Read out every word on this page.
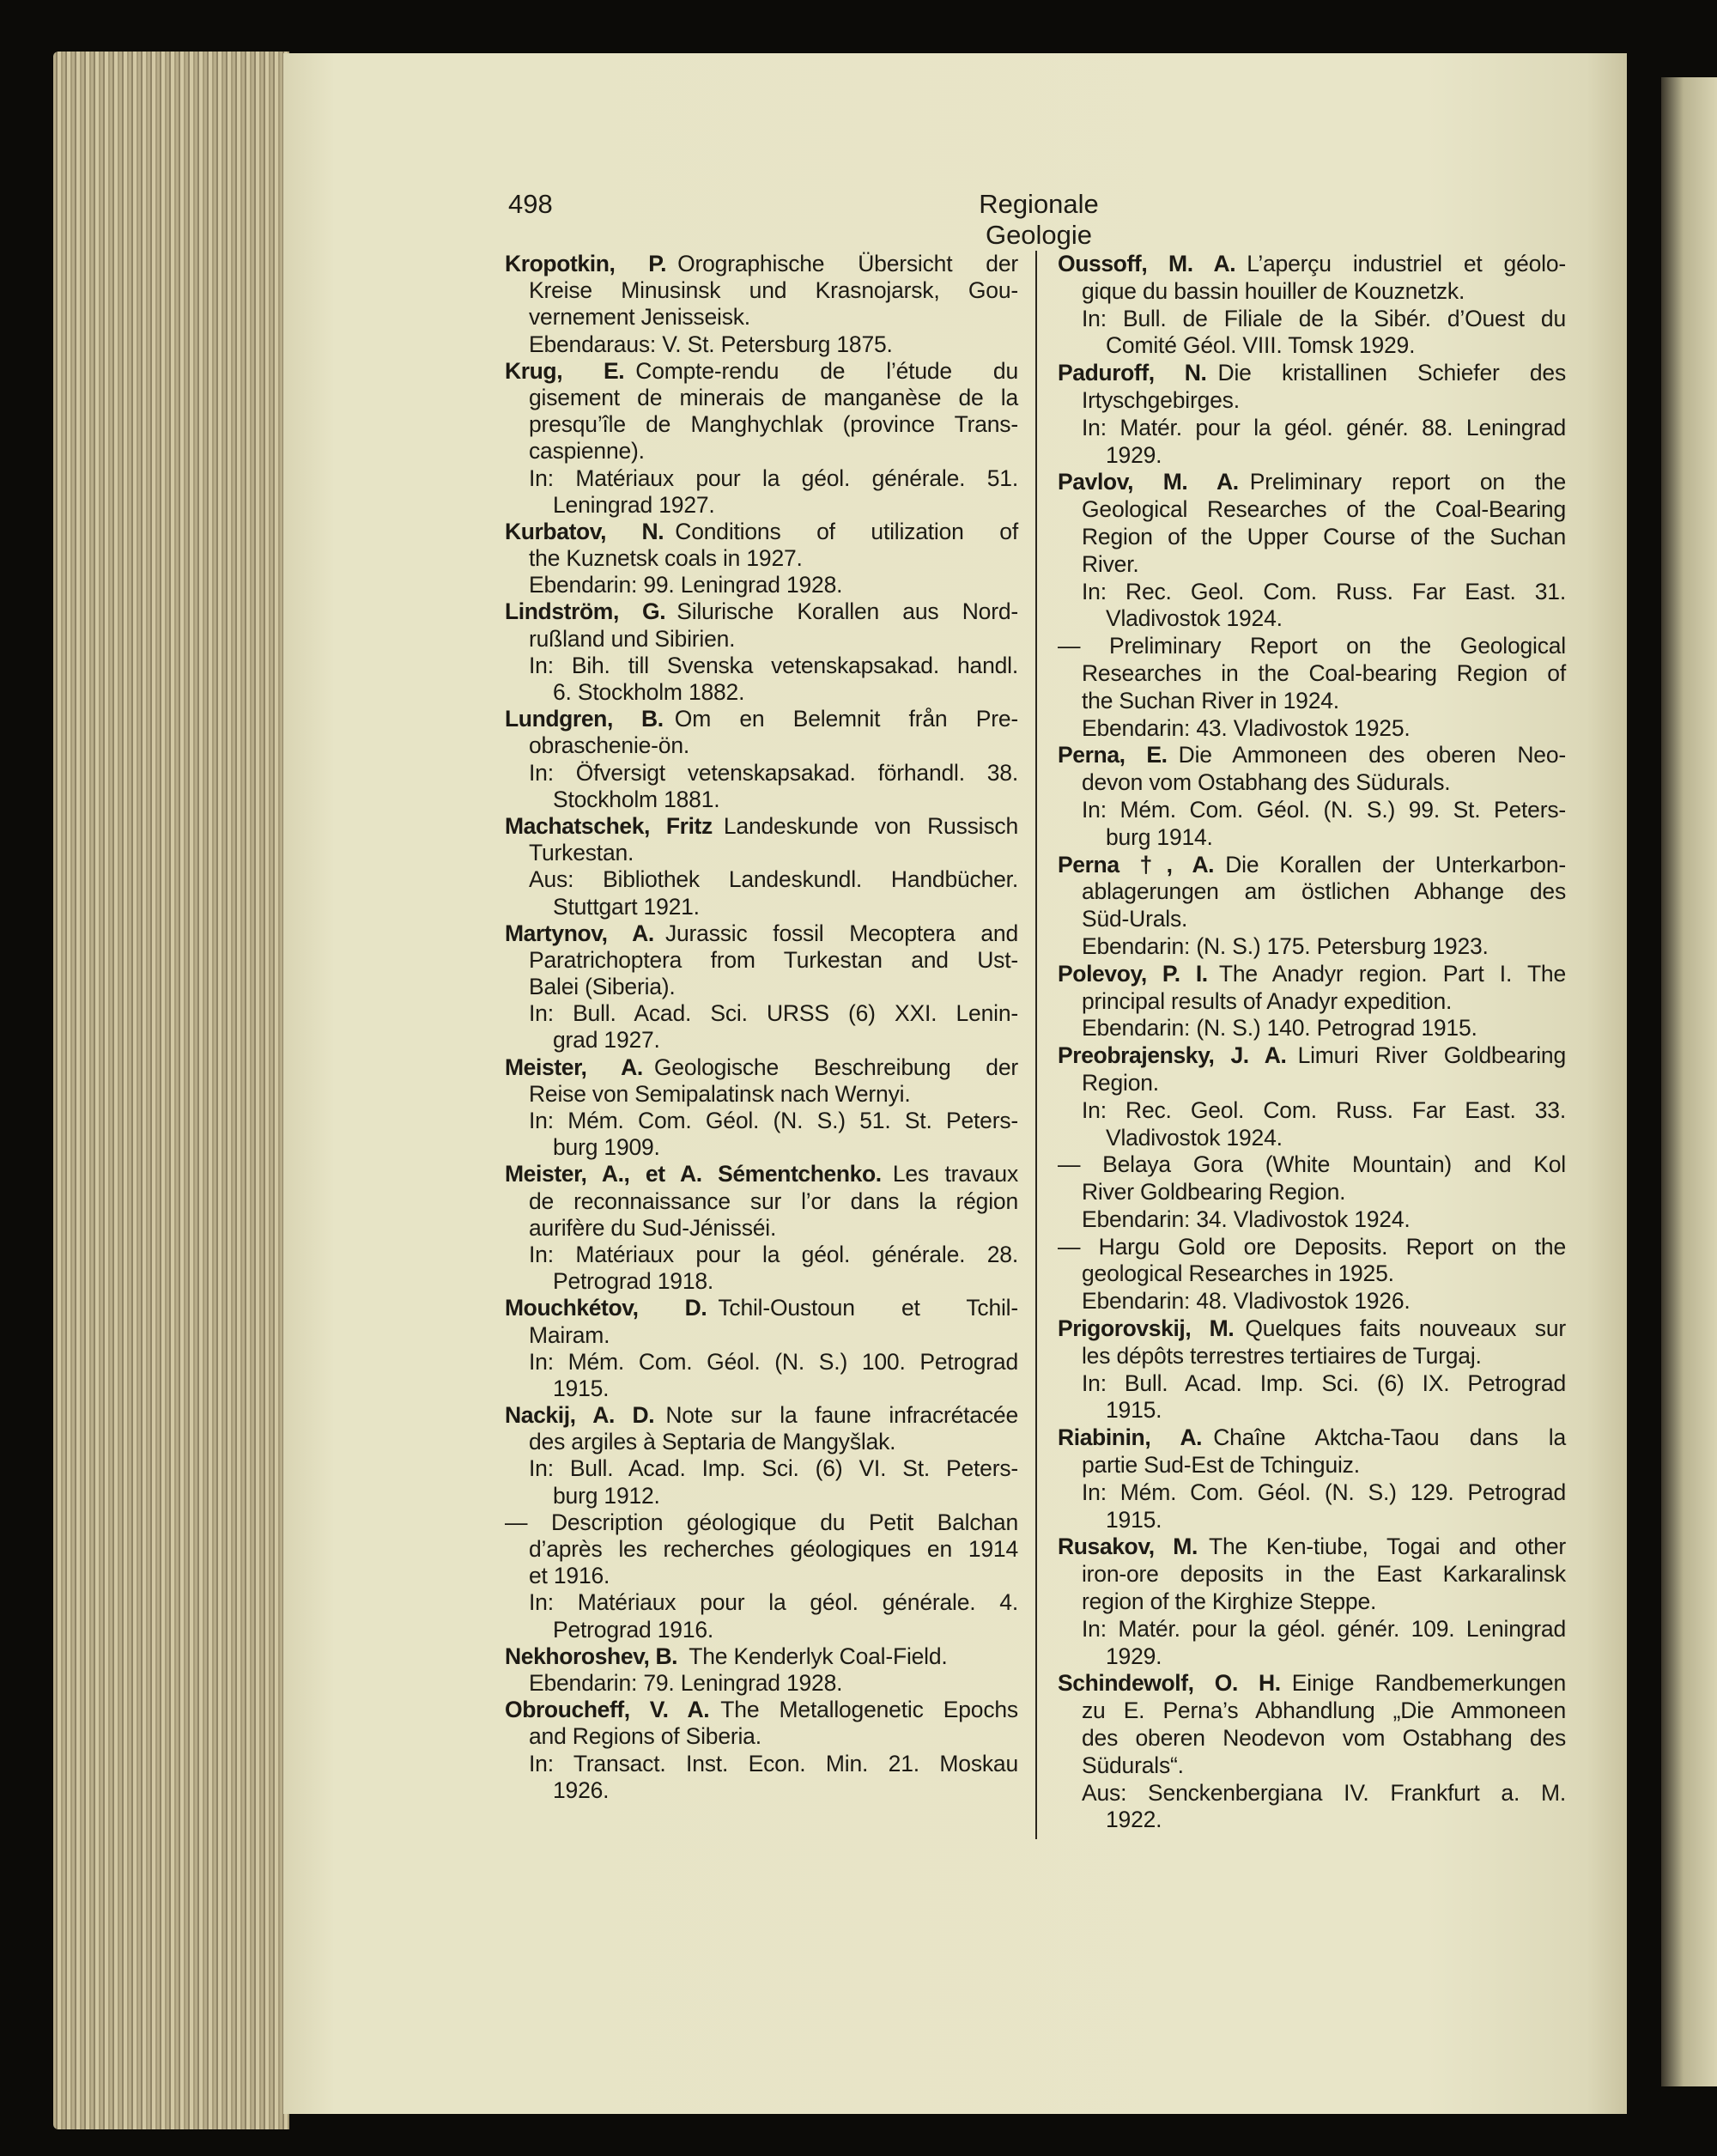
498	Regionale Geologie
Kropotkin, P.  Orographische Übersicht der
Kreise Minusinsk und Krasnojarsk, Gou-
vernement Jenisseisk.
Ebendaraus: V. St. Petersburg 1875.
Krug, E.  Compte-rendu de l’étude du
gisement de minerais de manganèse de la
presqu’île de Manghychlak (province Trans-
caspienne).
In: Matériaux pour la géol. générale. 51.
Leningrad 1927.
Kurbatov, N.  Conditions of utilization of
the Kuznetsk coals in 1927.
Ebendarin: 99. Leningrad 1928.
Lindström, G.  Silurische Korallen aus Nord-
rußland und Sibirien.
In: Bih. till Svenska vetenskapsakad. handl.
6. Stockholm 1882.
Lundgren, B.  Om en Belemnit från Pre-
obraschenie-ön.
In: Öfversigt vetenskapsakad. förhandl. 38.
Stockholm 1881.
Machatschek, Fritz  Landeskunde von Russisch
Turkestan.
Aus: Bibliothek Landeskundl. Handbücher.
Stuttgart 1921.
Martynov, A.  Jurassic fossil Mecoptera and
Paratrichoptera from Turkestan and Ust-
Balei (Siberia).
In: Bull. Acad. Sci. URSS (6) XXI. Lenin-
grad 1927.
Meister, A.  Geologische Beschreibung der
Reise von Semipalatinsk nach Wernyi.
In: Mém. Com. Géol. (N. S.) 51. St. Peters-
burg 1909.
Meister, A., et A. Sémentchenko.  Les travaux
de reconnaissance sur l’or dans la région
aurifère du Sud-Jénisséi.
In: Matériaux pour la géol. générale. 28.
Petrograd 1918.
Mouchkétov, D.  Tchil-Oustoun et Tchil-
Mairam.
In: Mém. Com. Géol. (N. S.) 100. Petrograd
1915.
Nackij, A. D.  Note sur la faune infracrétacée
des argiles à Septaria de Mangyšlak.
In: Bull. Acad. Imp. Sci. (6) VI. St. Peters-
burg 1912.
— Description géologique du Petit Balchan
d’après les recherches géologiques en 1914
et 1916.
In: Matériaux pour la géol. générale. 4.
Petrograd 1916.
Nekhoroshev, B.  The Kenderlyk Coal-Field.
Ebendarin: 79. Leningrad 1928.
Obroucheff, V. A.  The Metallogenetic Epochs
and Regions of Siberia.
In: Transact. Inst. Econ. Min. 21. Moskau
1926.
Oussoff, M. A.  L’aperçu industriel et géolo-
gique du bassin houiller de Kouznetzk.
In: Bull. de Filiale de la Sibér. d’Ouest du
Comité Géol. VIII. Tomsk 1929.
Paduroff, N.  Die kristallinen Schiefer des
Irtyschgebirges.
In: Matér. pour la géol. génér. 88. Leningrad
1929.
Pavlov, M. A.  Preliminary report on the
Geological Researches of the Coal-Bearing
Region of the Upper Course of the Suchan
River.
In: Rec. Geol. Com. Russ. Far East. 31.
Vladivostok 1924.
— Preliminary Report on the Geological
Researches in the Coal-bearing Region of
the Suchan River in 1924.
Ebendarin: 43. Vladivostok 1925.
Perna, E.  Die Ammoneen des oberen Neo-
devon vom Ostabhang des Südurals.
In: Mém. Com. Géol. (N. S.) 99. St. Peters-
burg 1914.
Perna †, A.  Die Korallen der Unterkarbon-
ablagerungen am östlichen Abhange des
Süd-Urals.
Ebendarin: (N. S.) 175. Petersburg 1923.
Polevoy, P. I.  The Anadyr region. Part I. The
principal results of Anadyr expedition.
Ebendarin: (N. S.) 140. Petrograd 1915.
Preobrajensky, J. A.  Limuri River Goldbearing
Region.
In: Rec. Geol. Com. Russ. Far East. 33.
Vladivostok 1924.
— Belaya Gora (White Mountain) and Kol
River Goldbearing Region.
Ebendarin: 34. Vladivostok 1924.
— Hargu Gold ore Deposits. Report on the
geological Researches in 1925.
Ebendarin: 48. Vladivostok 1926.
Prigorovskij, M.  Quelques faits nouveaux sur
les dépôts terrestres tertiaires de Turgaj.
In: Bull. Acad. Imp. Sci. (6) IX. Petrograd
1915.
Riabinin, A.  Chaîne Aktcha-Taou dans la
partie Sud-Est de Tchinguiz.
In: Mém. Com. Géol. (N. S.) 129. Petrograd
1915.
Rusakov, M.  The Ken-tiube, Togai and other
iron-ore deposits in the East Karkaralinsk
region of the Kirghize Steppe.
In: Matér. pour la géol. génér. 109. Leningrad
1929.
Schindewolf, O. H.  Einige Randbemerkungen
zu E. Perna’s Abhandlung „Die Ammoneen
des oberen Neodevon vom Ostabhang des
Südurals“.
Aus: Senckenbergiana IV. Frankfurt a. M.
1922.
